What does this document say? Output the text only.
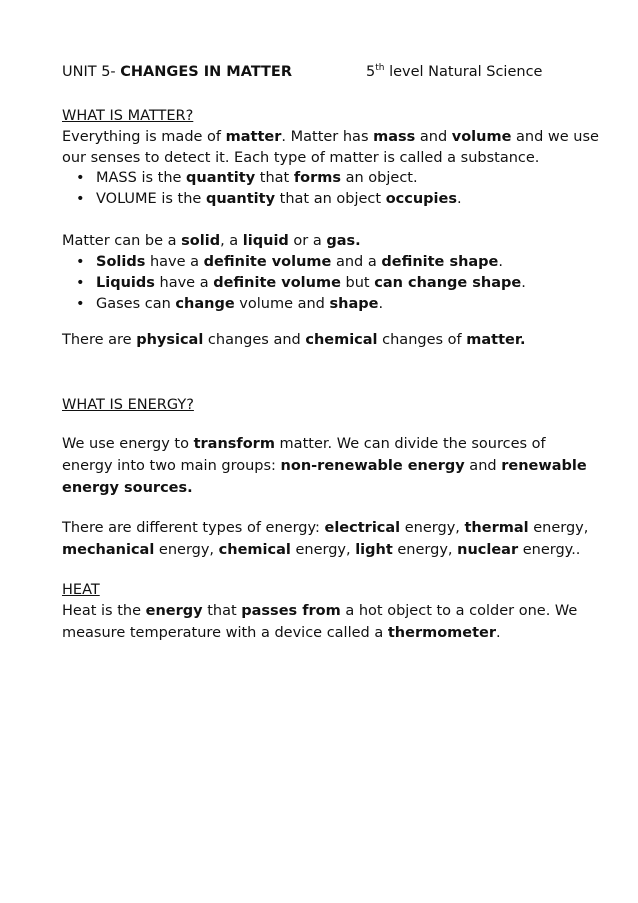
UNIT 5- CHANGES IN MATTER	5th level Natural Science
WHAT IS MATTER?
Everything is made of matter. Matter has mass and volume and we use
our senses to detect it. Each type of matter is called a substance.
• MASS is the quantity that forms an object.
• VOLUME is the quantity that an object occupies.
Matter can be a solid, a liquid or a gas.
• Solids have a definite volume and a definite shape.
• Liquids have a definite volume but can change shape.
• Gases can change volume and shape.
There are physical changes and chemical changes of matter.
WHAT IS ENERGY?
We use energy to transform matter. We can divide the sources of
energy into two main groups: non-renewable energy and renewable
energy sources.
There are different types of energy: electrical energy, thermal energy,
mechanical energy, chemical energy, light energy, nuclear energy..
HEAT
Heat is the energy that passes from a hot object to a colder one. We
measure temperature with a device called a thermometer.
